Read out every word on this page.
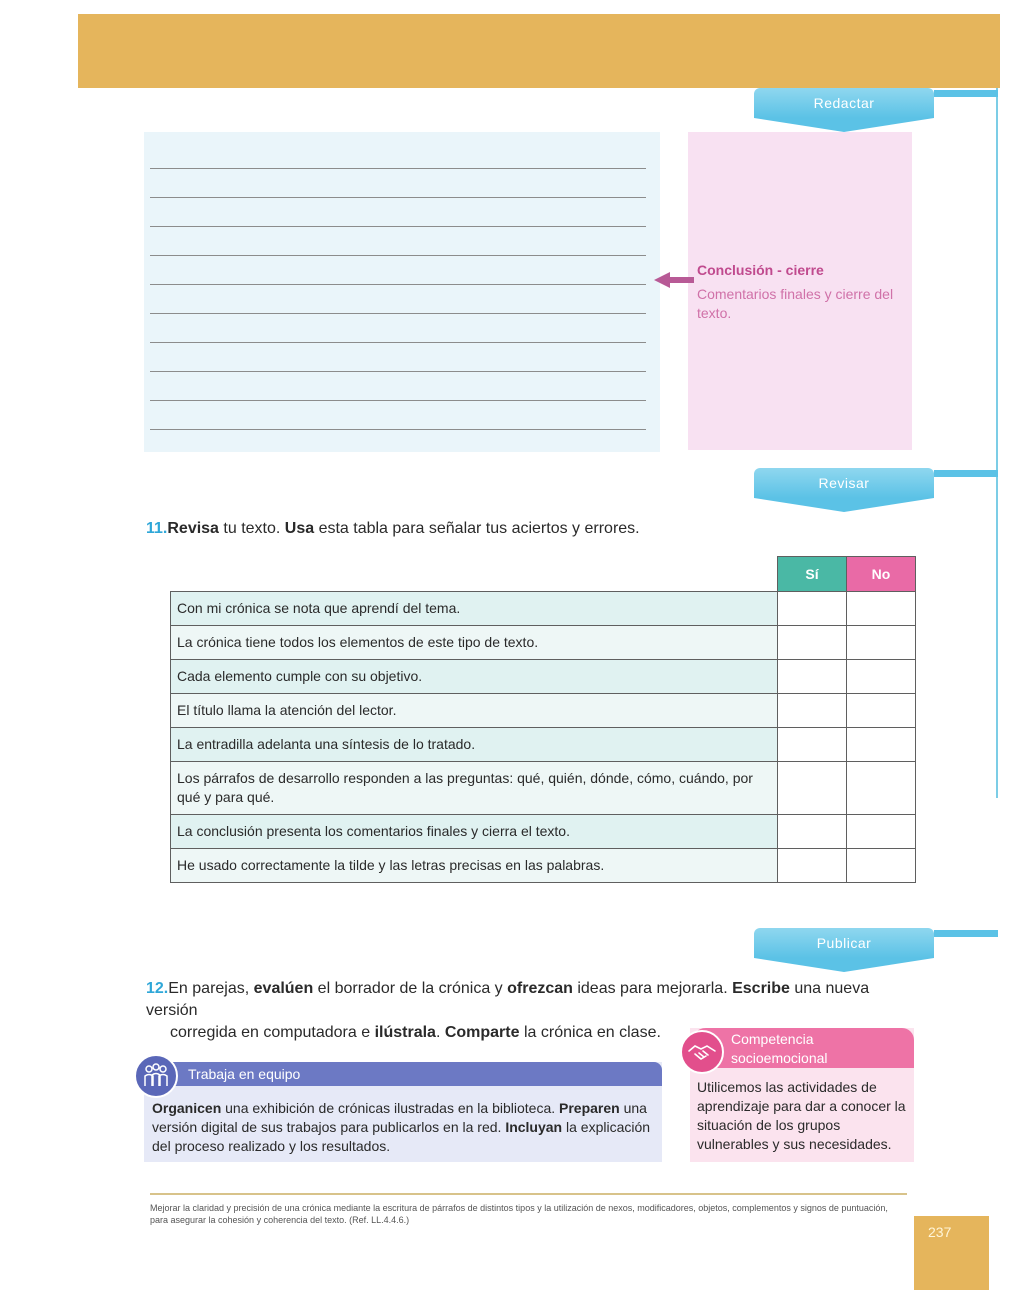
Redactar
Conclusión - cierre
Comentarios finales y cierre del texto.
Revisar
11.Revisa tu texto. Usa esta tabla para señalar tus aciertos y errores.
	Sí	No
Con mi crónica se nota que aprendí del tema.		
La crónica tiene todos los elementos de este tipo de texto.		
Cada elemento cumple con su objetivo.		
El título llama la atención del lector.		
La entradilla adelanta una síntesis de lo tratado.		
Los párrafos de desarrollo responden a las preguntas: qué, quién, dónde, cómo, cuándo, por qué y para qué.		
La conclusión presenta los comentarios finales y cierra el texto.		
He usado correctamente la tilde y las letras precisas en las palabras.		
Publicar
12.En parejas, evalúen el borrador de la crónica y ofrezcan ideas para mejorarla. Escribe una nueva versión
corregida en computadora e ilústrala. Comparte la crónica en clase.
Trabaja en equipo
Organicen una exhibición de crónicas ilustradas en la biblioteca. Preparen una versión digital de sus trabajos para publicarlos en la red. Incluyan la explicación del proceso realizado y los resultados.
Competencia
socioemocional
Utilicemos las actividades de aprendizaje para dar a conocer la situación de los grupos vulnerables y sus necesidades.
Mejorar la claridad y precisión de una crónica mediante la escritura de párrafos de distintos tipos y la utilización de nexos, modificadores, objetos, complementos y signos de puntuación, para asegurar la cohesión y coherencia del texto. (Ref. LL.4.4.6.)
237
